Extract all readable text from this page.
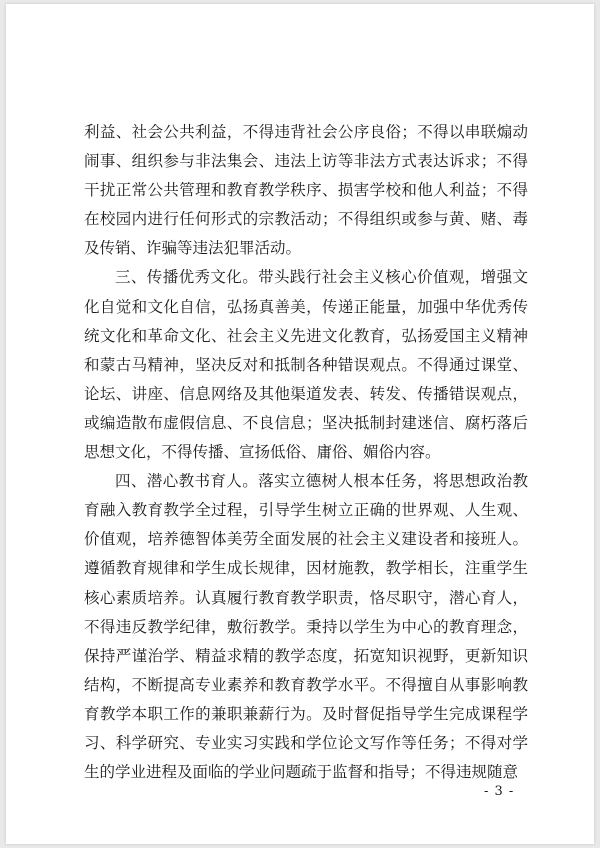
利益、社会公共利益，不得违背社会公序良俗；不得以串联煽动闹事、组织参与非法集会、违法上访等非法方式表达诉求；不得干扰正常公共管理和教育教学秩序、损害学校和他人利益；不得在校园内进行任何形式的宗教活动；不得组织或参与黄、赌、毒及传销、诈骗等违法犯罪活动。

三、传播优秀文化。带头践行社会主义核心价值观，增强文化自觉和文化自信，弘扬真善美，传递正能量，加强中华优秀传统文化和革命文化、社会主义先进文化教育，弘扬爱国主义精神和蒙古马精神，坚决反对和抵制各种错误观点。不得通过课堂、论坛、讲座、信息网络及其他渠道发表、转发、传播错误观点，或编造散布虚假信息、不良信息；坚决抵制封建迷信、腐朽落后思想文化，不得传播、宣扬低俗、庸俗、媚俗内容。

四、潜心教书育人。落实立德树人根本任务，将思想政治教育融入教育教学全过程，引导学生树立正确的世界观、人生观、价值观，培养德智体美劳全面发展的社会主义建设者和接班人。遵循教育规律和学生成长规律，因材施教，教学相长，注重学生核心素质培养。认真履行教育教学职责，恪尽职守，潜心育人，不得违反教学纪律，敷衍教学。秉持以学生为中心的教育理念，保持严谨治学、精益求精的教学态度，拓宽知识视野，更新知识结构，不断提高专业素养和教育教学水平。不得擅自从事影响教育教学本职工作的兼职兼薪行为。及时督促指导学生完成课程学习、科学研究、专业实习实践和学位论文写作等任务；不得对学生的学业进程及面临的学业问题疏于监督和指导；不得违规随意

- 3 -
